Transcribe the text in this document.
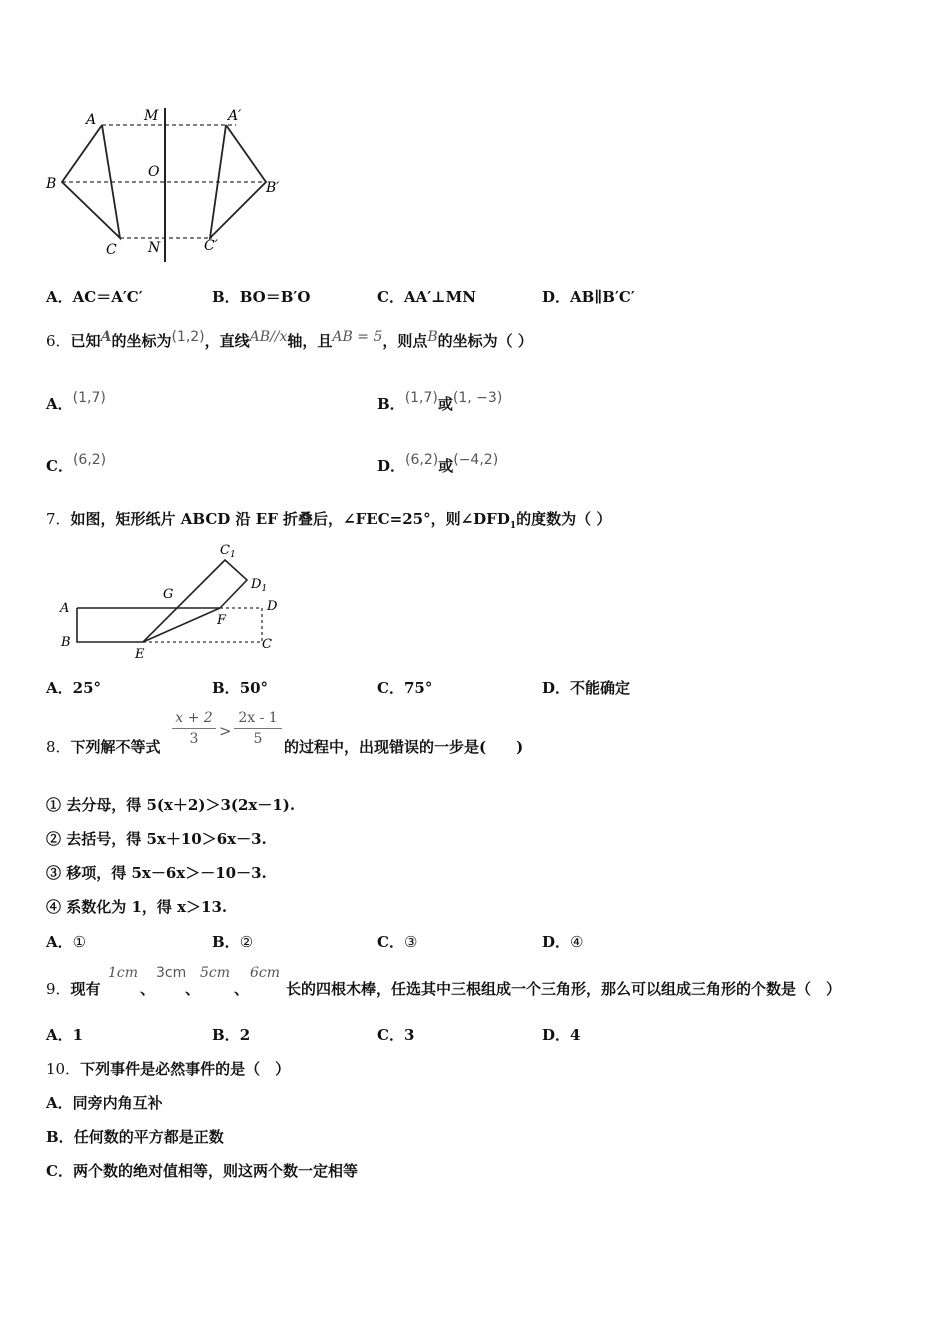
A	M	A′
B
O
B′
C N	C′
A．AC＝A′C′	B．BO＝B′O	C．AA′⊥MN	D．AB∥B′C′
6．已知A的坐标为(1,2)，直线AB//x轴，且AB = 5，则点B的坐标为（ ）
A．(1,7)	B．(1,7)或(1, −3)
C．(6,2)	D．(6,2)或(−4,2)
7．如图，矩形纸片 ABCD 沿 EF 折叠后，∠FEC=25°，则$\angle DFD_1$的度数为（ ）
$C_1$
$D_1$
G
A	D
F
B
E
C
A．25°	B．50°	C．75°	D．不能确定
8．下列解不等式
x + 2
3	>
2x - 1
5	的过程中，出现错误的一步是(　　)
① 去分母，得 5(x＋2)＞3(2x－1).
② 去括号，得 5x＋10＞6x－3.
③ 移项，得 5x－6x＞－10－3.
④ 系数化为 1，得 x＞13.
A．①	B．②	C．③	D．④
9．现有
1cm
、
3cm
、
5cm
、
6cm
长的四根木棒，任选其中三根组成一个三角形，那么可以组成三角形的个数是（　）
A．1	B．2	C．3	D．4
10．下列事件是必然事件的是（　）
A．同旁内角互补
B．任何数的平方都是正数
C．两个数的绝对值相等，则这两个数一定相等
